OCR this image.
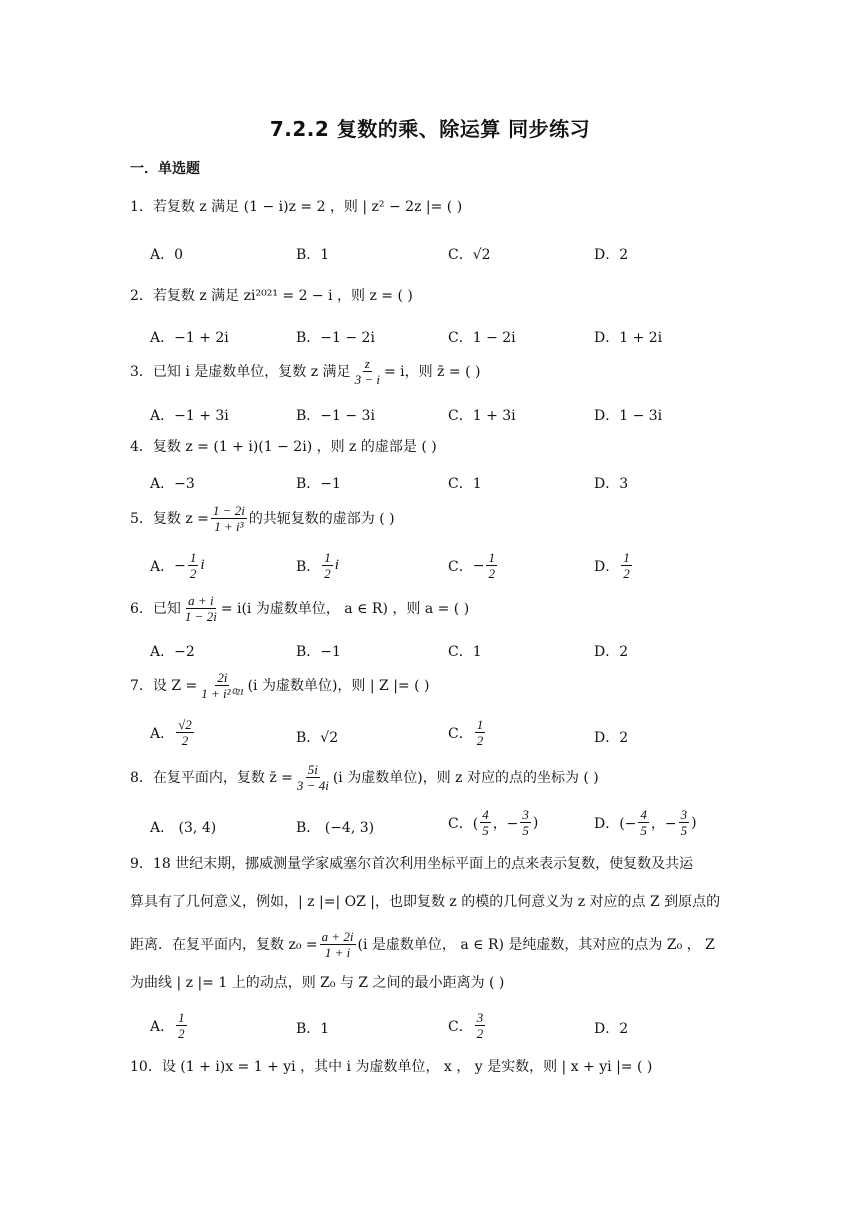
7.2.2 复数的乘、除运算 同步练习
一．单选题
1．若复数 z 满足 (1 − i)z = 2 ，则 | z² − 2z |= ( )
A．0	B．1	C．√2	D．2
2．若复数 z 满足 zi²⁰²¹ = 2 − i ，则 z = ( )
A．−1 + 2i	B．−1 − 2i	C．1 − 2i	D．1 + 2i
3．已知 i 是虚数单位，复数 z 满足 $\frac{z}{3 - i} = i$，则 z̄ = ( )
A．−1 + 3i	B．−1 − 3i	C．1 + 3i	D．1 − 3i
4．复数 z = (1 + i)(1 − 2i) ，则 z 的虚部是 ( )
A．−3	B．−1	C．1	D．3
5．复数 $z = \frac{1 - 2i}{\text{1 + i³}}$ 的共轭复数的虚部为 ( )
A． − $\frac{1}{2}$ i	B． $\frac{1}{2}$ i	C． − $\frac{1}{2}$	D． $\frac{1}{2}$
6．已知 $\frac{a + i}{1 - 2i} = i(i$ 为虚数单位， a ∈ R) ，则 a = ( )
A．−2	B．−1	C．1	D．2
7．设 $Z = \frac{2i}{\text{1 + i²⁰²¹}} (i$ 为虚数单位)，则 | Z |= ( )
A． $\frac{√2}{2}$	B．√2	C． $\frac{1}{2}$	D．2
8．在复平面内，复数 z̄ = $\frac{5i}{3 - 4i} (i$ 为虚数单位)，则 z 对应的点的坐标为 ( )
A． (3, 4)	B． (−4, 3)	C．( $\frac{4}{5}$ ，− $\frac{3}{5}$ )	D．(− $\frac{4}{5}$ ，− $\frac{3}{5}$ )
9．18 世纪末期，挪威测量学家威塞尔首次利用坐标平面上的点来表示复数，使复数及共运
算具有了几何意义，例如，| z |=| OZ |，也即复数 z 的模的几何意义为 z 对应的点 Z 到原点的
距离．在复平面内，复数 $z_0 = \frac{a + 2i}{1 + i} (i$ 是虚数单位， a ∈ R) 是纯虚数，其对应的点为 Z₀ ， Z
为曲线 | z |= 1 上的动点，则 Z₀ 与 Z 之间的最小距离为 ( )
A． $\frac{1}{2}$	B．1	C． $\frac{3}{2}$	D．2
10．设 (1 + i)x = 1 + yi ，其中 i 为虚数单位， x ， y 是实数，则 | x + yi |= ( )
